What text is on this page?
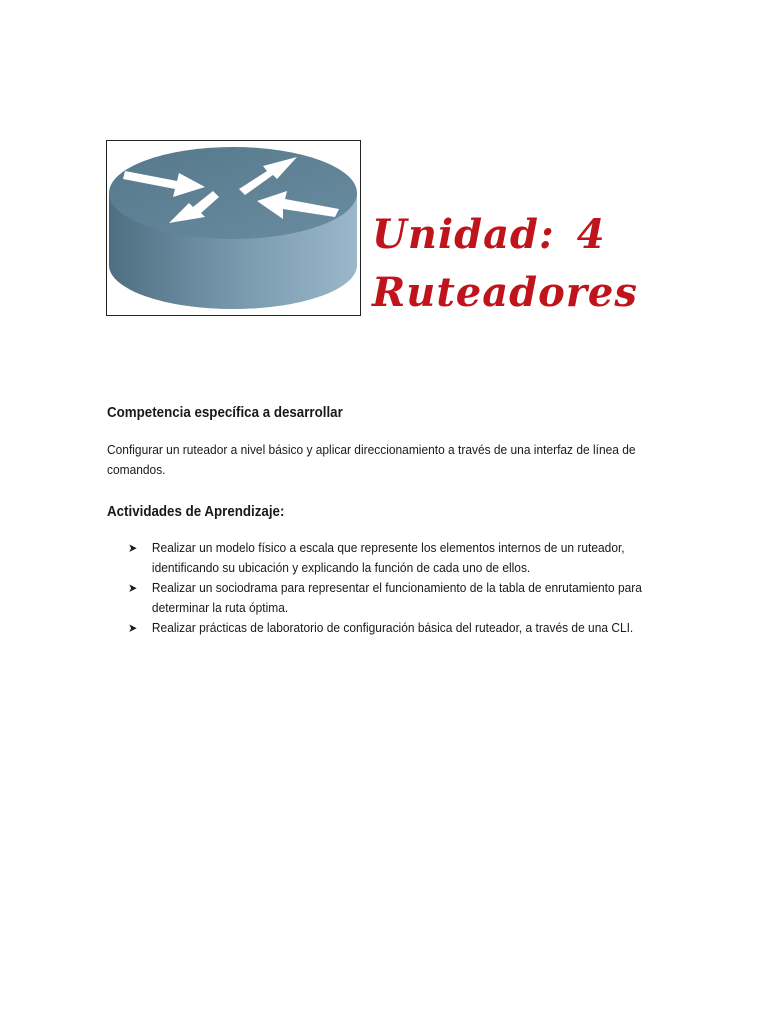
Unidad: 4
Ruteadores
Competencia específica a desarrollar
Configurar un ruteador a nivel básico y aplicar direccionamiento a través de una interfaz de línea de comandos.
Actividades de Aprendizaje:
➤ Realizar un modelo físico a escala que represente los elementos internos de un ruteador, identificando su ubicación y explicando la función de cada uno de ellos.
➤ Realizar un sociodrama para representar el funcionamiento de la tabla de enrutamiento para determinar la ruta óptima.
➤ Realizar prácticas de laboratorio de configuración básica del ruteador, a través de una CLI.
